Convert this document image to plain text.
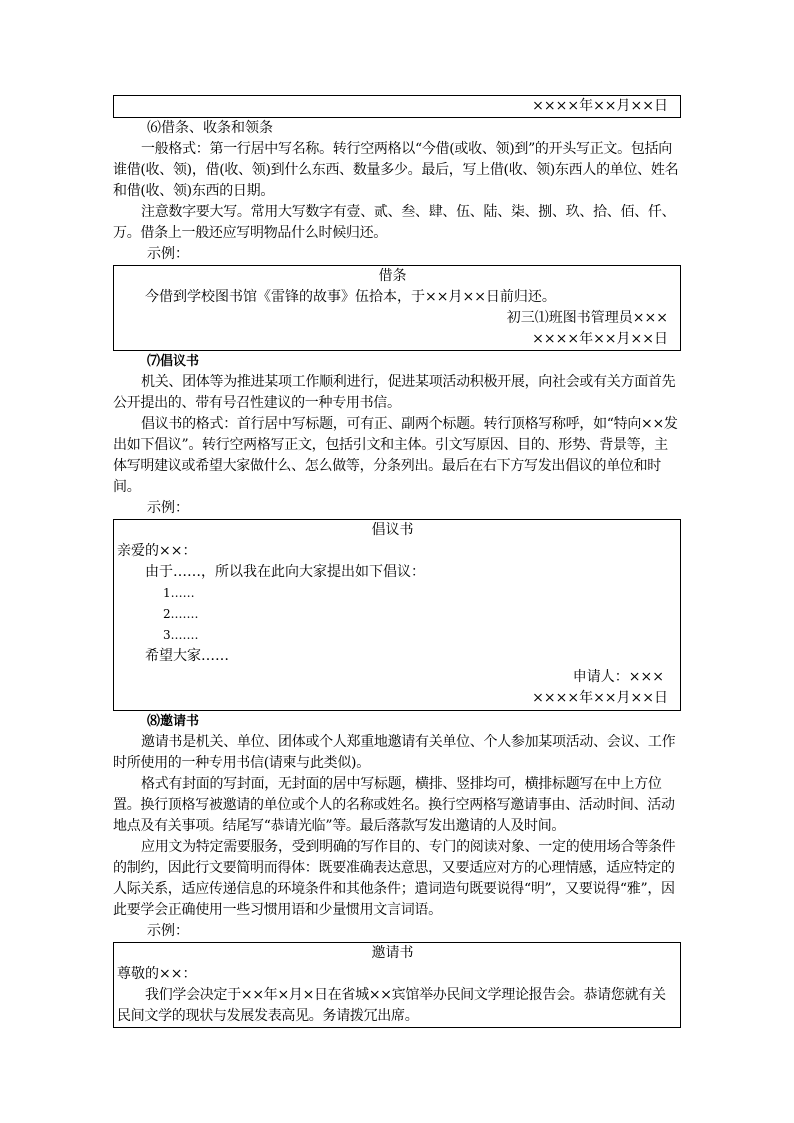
××××年××月××日

⑹借条、收条和领条

一般格式：第一行居中写名称。转行空两格以“今借(或收、领)到”的开头写正文。包括向谁借(收、领)，借(收、领)到什么东西、数量多少。最后，写上借(收、领)东西人的单位、姓名和借(收、领)东西的日期。

注意数字要大写。常用大写数字有壹、贰、叁、肆、伍、陆、柒、捌、玖、拾、佰、仟、万。借条上一般还应写明物品什么时候归还。

示例：

借条

今借到学校图书馆《雷锋的故事》伍拾本，于××月××日前归还。

初三⑴班图书管理员×××

××××年××月××日

⑺倡议书

机关、团体等为推进某项工作顺利进行，促进某项活动积极开展，向社会或有关方面首先公开提出的、带有号召性建议的一种专用书信。

倡议书的格式：首行居中写标题，可有正、副两个标题。转行顶格写称呼，如“特向××发出如下倡议”。转行空两格写正文，包括引文和主体。引文写原因、目的、形势、背景等，主体写明建议或希望大家做什么、怎么做等，分条列出。最后在右下方写发出倡议的单位和时间。

示例：

倡议书

亲爱的××：

由于……，所以我在此向大家提出如下倡议：

1……

2.……

3.……

希望大家……

申请人：×××

××××年××月××日

⑻邀请书

邀请书是机关、单位、团体或个人郑重地邀请有关单位、个人参加某项活动、会议、工作时所使用的一种专用书信(请柬与此类似)。

格式有封面的写封面，无封面的居中写标题，横排、竖排均可，横排标题写在中上方位置。换行顶格写被邀请的单位或个人的名称或姓名。换行空两格写邀请事由、活动时间、活动地点及有关事项。结尾写“恭请光临”等。最后落款写发出邀请的人及时间。

应用文为特定需要服务，受到明确的写作目的、专门的阅读对象、一定的使用场合等条件的制约，因此行文要简明而得体：既要准确表达意思，又要适应对方的心理情感，适应特定的人际关系，适应传递信息的环境条件和其他条件；遣词造句既要说得“明”，又要说得“雅”，因此要学会正确使用一些习惯用语和少量惯用文言词语。

示例：

邀请书

尊敬的××：

我们学会决定于××年×月×日在省城××宾馆举办民间文学理论报告会。恭请您就有关民间文学的现状与发展发表高见。务请拨冗出席。
